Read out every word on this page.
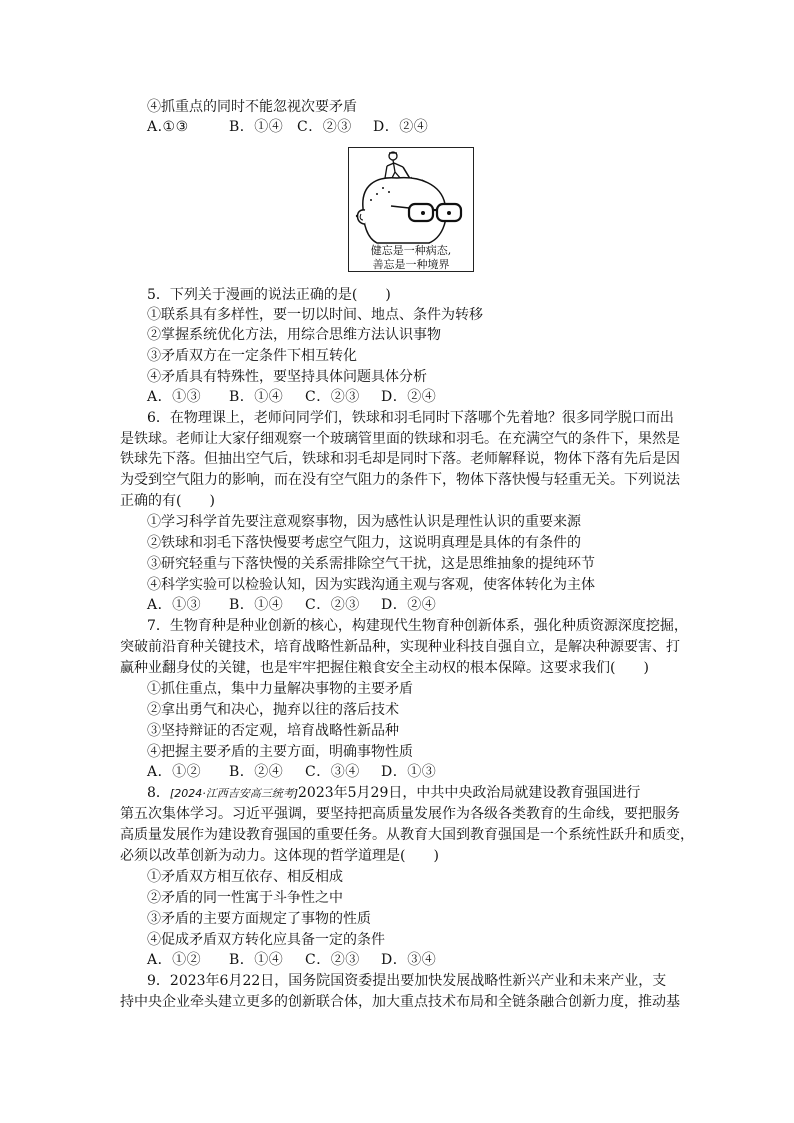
④抓重点的同时不能忽视次要矛盾
A.①③	B．①④ C．②③ D．②④
健忘是一种病态,
善忘是一种境界
5．下列关于漫画的说法正确的是(　　)
①联系具有多样性，要一切以时间、地点、条件为转移
②掌握系统优化方法，用综合思维方法认识事物
③矛盾双方在一定条件下相互转化
④矛盾具有特殊性，要坚持具体问题具体分析
A．①③ B．①④ C．②③ D．②④
6．在物理课上，老师问同学们，铁球和羽毛同时下落哪个先着地？很多同学脱口而出
是铁球。老师让大家仔细观察一个玻璃管里面的铁球和羽毛。在充满空气的条件下，果然是
铁球先下落。但抽出空气后，铁球和羽毛却是同时下落。老师解释说，物体下落有先后是因
为受到空气阻力的影响，而在没有空气阻力的条件下，物体下落快慢与轻重无关。下列说法
正确的有(　　)
①学习科学首先要注意观察事物，因为感性认识是理性认识的重要来源
②铁球和羽毛下落快慢要考虑空气阻力，这说明真理是具体的有条件的
③研究轻重与下落快慢的关系需排除空气干扰，这是思维抽象的提纯环节
④科学实验可以检验认知，因为实践沟通主观与客观，使客体转化为主体
A．①③ B．①④ C．②③ D．②④
7．生物育种是种业创新的核心，构建现代生物育种创新体系，强化种质资源深度挖掘，
突破前沿育种关键技术，培育战略性新品种，实现种业科技自强自立，是解决种源要害、打
赢种业翻身仗的关键，也是牢牢把握住粮食安全主动权的根本保障。这要求我们(　　)
①抓住重点，集中力量解决事物的主要矛盾
②拿出勇气和决心，抛弃以往的落后技术
③坚持辩证的否定观，培育战略性新品种
④把握主要矛盾的主要方面，明确事物性质
A．①② B．②④ C．③④ D．①③
8．[2024·江西吉安高三统考]2023年5月29日，中共中央政治局就建设教育强国进行
第五次集体学习。习近平强调，要坚持把高质量发展作为各级各类教育的生命线，要把服务
高质量发展作为建设教育强国的重要任务。从教育大国到教育强国是一个系统性跃升和质变，
必须以改革创新为动力。这体现的哲学道理是(　　)
①矛盾双方相互依存、相反相成
②矛盾的同一性寓于斗争性之中
③矛盾的主要方面规定了事物的性质
④促成矛盾双方转化应具备一定的条件
A．①② B．①④ C．②③ D．③④
9．2023年6月22日，国务院国资委提出要加快发展战略性新兴产业和未来产业，支
持中央企业牵头建立更多的创新联合体，加大重点技术布局和全链条融合创新力度，推动基
